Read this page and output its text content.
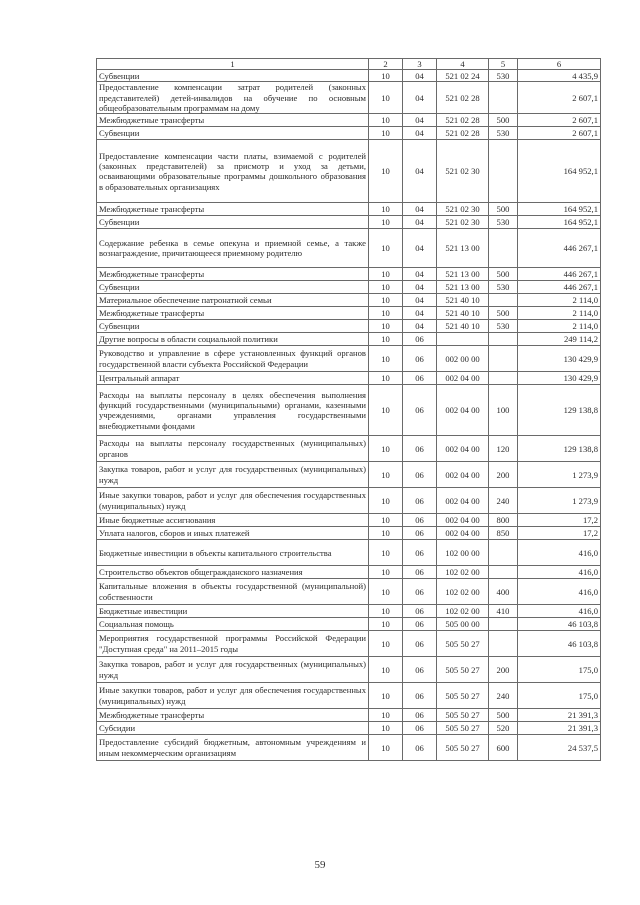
1	2	3	4	5	6
Субвенции	10	04	521 02 24	530	4 435,9
Предоставление компенсации затрат родителей (законных представителей) детей-инвалидов на обучение по основным общеобразовательным программам на дому	10	04	521 02 28		2 607,1
Межбюджетные трансферты	10	04	521 02 28	500	2 607,1
Субвенции	10	04	521 02 28	530	2 607,1
Предоставление компенсации части платы, взимаемой с родителей (законных представителей) за присмотр и уход за детьми, осваивающими образовательные программы дошкольного образования в образовательных организациях	10	04	521 02 30		164 952,1
Межбюджетные трансферты	10	04	521 02 30	500	164 952,1
Субвенции	10	04	521 02 30	530	164 952,1
Содержание ребенка в семье опекуна и приемной семье, а также вознаграждение, причитающееся приемному родителю	10	04	521 13 00		446 267,1
Межбюджетные трансферты	10	04	521 13 00	500	446 267,1
Субвенции	10	04	521 13 00	530	446 267,1
Материальное обеспечение патронатной семьи	10	04	521 40 10		2 114,0
Межбюджетные трансферты	10	04	521 40 10	500	2 114,0
Субвенции	10	04	521 40 10	530	2 114,0
Другие вопросы в области социальной политики	10	06			249 114,2
Руководство и управление в сфере установленных функций органов государственной власти субъекта Российской Федерации	10	06	002 00 00		130 429,9
Центральный аппарат	10	06	002 04 00		130 429,9
Расходы на выплаты персоналу в целях обеспечения выполнения функций государственными (муниципальными) органами, казенными учреждениями, органами управления государственными внебюджетными фондами	10	06	002 04 00	100	129 138,8
Расходы на выплаты персоналу государственных (муниципальных) органов	10	06	002 04 00	120	129 138,8
Закупка товаров, работ и услуг для государственных (муниципальных) нужд	10	06	002 04 00	200	1 273,9
Иные закупки товаров, работ и услуг для обеспечения государственных (муниципальных) нужд	10	06	002 04 00	240	1 273,9
Иные бюджетные ассигнования	10	06	002 04 00	800	17,2
Уплата налогов, сборов и иных платежей	10	06	002 04 00	850	17,2
Бюджетные инвестиции в объекты капитального строительства	10	06	102 00 00		416,0
Строительство объектов общегражданского назначения	10	06	102 02 00		416,0
Капитальные вложения в объекты государственной (муниципальной) собственности	10	06	102 02 00	400	416,0
Бюджетные инвестиции	10	06	102 02 00	410	416,0
Социальная помощь	10	06	505 00 00		46 103,8
Мероприятия государственной программы Российской Федерации "Доступная среда" на 2011–2015 годы	10	06	505 50 27		46 103,8
Закупка товаров, работ и услуг для государственных (муниципальных) нужд	10	06	505 50 27	200	175,0
Иные закупки товаров, работ и услуг для обеспечения государственных (муниципальных) нужд	10	06	505 50 27	240	175,0
Межбюджетные трансферты	10	06	505 50 27	500	21 391,3
Субсидии	10	06	505 50 27	520	21 391,3
Предоставление субсидий бюджетным, автономным учреждениям и иным некоммерческим организациям	10	06	505 50 27	600	24 537,5
59
